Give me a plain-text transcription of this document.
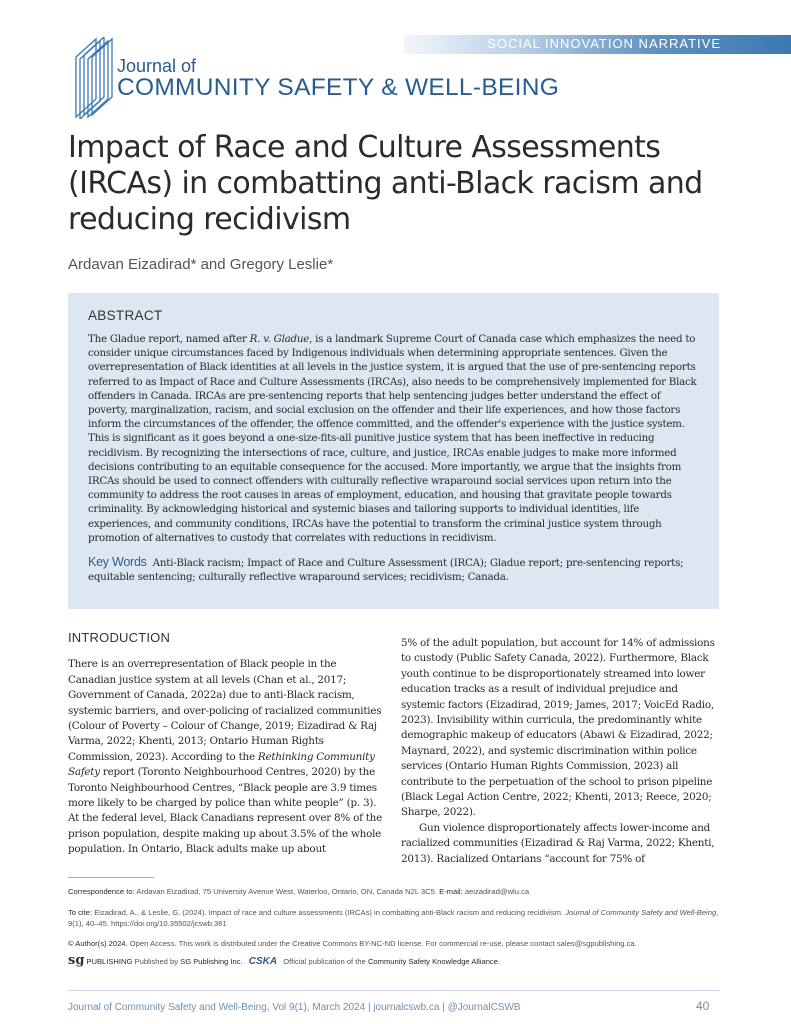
SOCIAL INNOVATION NARRATIVE
Journal of
COMMUNITY SAFETY & WELL-BEING
Impact of Race and Culture Assessments (IRCAs) in combatting anti-Black racism and reducing recidivism
Ardavan Eizadirad* and Gregory Leslie*
ABSTRACT

The Gladue report, named after R. v. Gladue, is a landmark Supreme Court of Canada case which emphasizes the need to consider unique circumstances faced by Indigenous individuals when determining appropriate sentences. Given the overrepresentation of Black identities at all levels in the justice system, it is argued that the use of pre-sentencing reports referred to as Impact of Race and Culture Assessments (IRCAs), also needs to be comprehensively implemented for Black offenders in Canada. IRCAs are pre-sentencing reports that help sentencing judges better understand the effect of poverty, marginalization, racism, and social exclusion on the offender and their life experiences, and how those factors inform the circumstances of the offender, the offence committed, and the offender's experience with the justice system. This is significant as it goes beyond a one-size-fits-all punitive justice system that has been ineffective in reducing recidivism. By recognizing the intersections of race, culture, and justice, IRCAs enable judges to make more informed decisions contributing to an equitable consequence for the accused. More importantly, we argue that the insights from IRCAs should be used to connect offenders with culturally reflective wraparound social services upon return into the community to address the root causes in areas of employment, education, and housing that gravitate people towards criminality. By acknowledging historical and systemic biases and tailoring supports to individual identities, life experiences, and community conditions, IRCAs have the potential to transform the criminal justice system through promotion of alternatives to custody that correlates with reductions in recidivism.

Key Words Anti-Black racism; Impact of Race and Culture Assessment (IRCA); Gladue report; pre-sentencing reports; equitable sentencing; culturally reflective wraparound services; recidivism; Canada.
INTRODUCTION

There is an overrepresentation of Black people in the Canadian justice system at all levels (Chan et al., 2017; Government of Canada, 2022a) due to anti-Black racism, systemic barriers, and over-policing of racialized communities (Colour of Poverty – Colour of Change, 2019; Eizadirad & Raj Varma, 2022; Khenti, 2013; Ontario Human Rights Commission, 2023). According to the Rethinking Community Safety report (Toronto Neighbourhood Centres, 2020) by the Toronto Neighbourhood Centres, “Black people are 3.9 times more likely to be charged by police than white people” (p. 3). At the federal level, Black Canadians represent over 8% of the prison population, despite making up about 3.5% of the whole population. In Ontario, Black adults make up about

5% of the adult population, but account for 14% of admissions to custody (Public Safety Canada, 2022). Furthermore, Black youth continue to be disproportionately streamed into lower education tracks as a result of individual prejudice and systemic factors (Eizadirad, 2019; James, 2017; VoicEd Radio, 2023). Invisibility within curricula, the predominantly white demographic makeup of educators (Abawi & Eizadirad, 2022; Maynard, 2022), and systemic discrimination within police services (Ontario Human Rights Commission, 2023) all contribute to the perpetuation of the school to prison pipeline (Black Legal Action Centre, 2022; Khenti, 2013; Reece, 2020; Sharpe, 2022).

Gun violence disproportionately affects lower-income and racialized communities (Eizadirad & Raj Varma, 2022; Khenti, 2013). Racialized Ontarians “account for 75% of

Correspondence to: Ardavan Eizadirad, 75 University Avenue West, Waterloo, Ontario, ON, Canada N2L 3C5. E-mail: aeizadirad@wlu.ca
To cite: Eizadirad, A., & Leslie, G. (2024). Impact of race and culture assessments (IRCAs) in combatting anti-Black racism and reducing recidivism. Journal of Community Safety and Well-Being, 9(1), 40–45. https://doi.org/10.35502/jcswb.361
© Author(s) 2024. Open Access. This work is distributed under the Creative Commons BY-NC-ND license. For commercial re-use, please contact sales@sgpublishing.ca.
sg PUBLISHING Published by SG Publishing Inc. CSKA Official publication of the Community Safety Knowledge Alliance.
Journal of Community Safety and Well-Being, Vol 9(1), March 2024 | journalcswb.ca | @JournalCSWB	40
